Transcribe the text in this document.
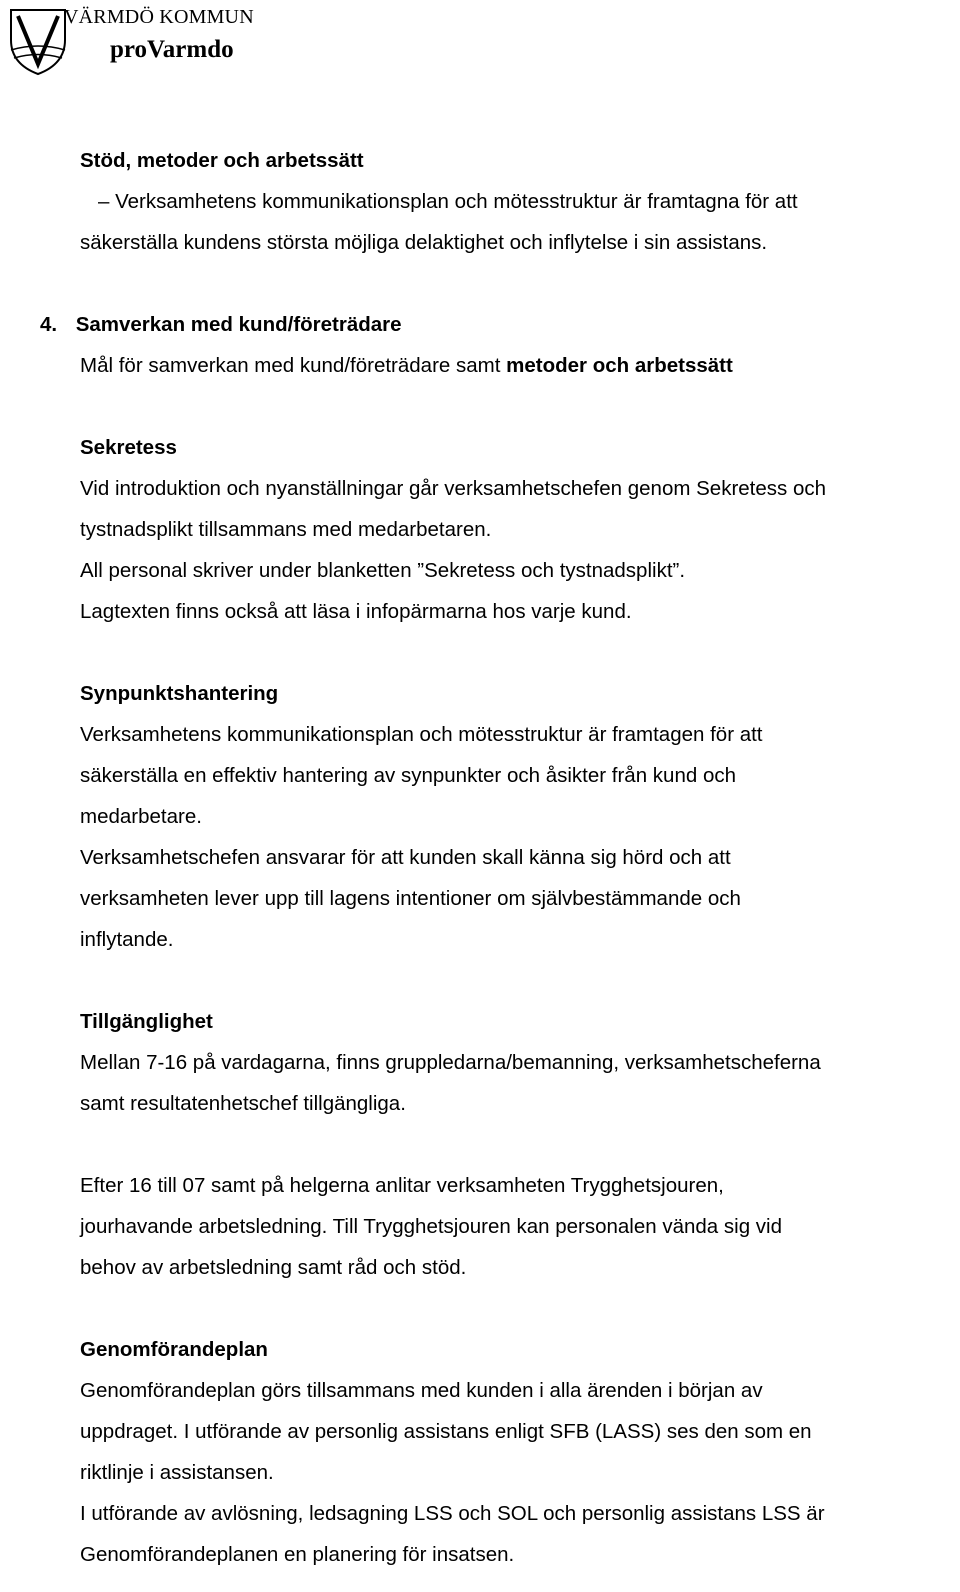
VÄRMDÖ KOMMUN
proVarmdo
Stöd, metoder och arbetssätt
– Verksamhetens kommunikationsplan och mötesstruktur är framtagna för att
säkerställa kundens största möjliga delaktighet och inflytelse i sin assistans.
4. Samverkan med kund/företrädare
Mål för samverkan med kund/företrädare samt metoder och arbetssätt
Sekretess
Vid introduktion och nyanställningar går verksamhetschefen genom Sekretess och
tystnadsplikt tillsammans med medarbetaren.
All personal skriver under blanketten ”Sekretess och tystnadsplikt”.
Lagtexten finns också att läsa i infopärmarna hos varje kund.
Synpunktshantering
Verksamhetens kommunikationsplan och mötesstruktur är framtagen för att
säkerställa en effektiv hantering av synpunkter och åsikter från kund och
medarbetare.
Verksamhetschefen ansvarar för att kunden skall känna sig hörd och att
verksamheten lever upp till lagens intentioner om självbestämmande och
inflytande.
Tillgänglighet
Mellan 7-16 på vardagarna, finns gruppledarna/bemanning, verksamhetscheferna
samt resultatenhetschef tillgängliga.
Efter 16 till 07 samt på helgerna anlitar verksamheten Trygghetsjouren,
jourhavande arbetsledning. Till Trygghetsjouren kan personalen vända sig vid
behov av arbetsledning samt råd och stöd.
Genomförandeplan
Genomförandeplan görs tillsammans med kunden i alla ärenden i början av
uppdraget. I utförande av personlig assistans enligt SFB (LASS) ses den som en
riktlinje i assistansen.
I utförande av avlösning, ledsagning LSS och SOL och personlig assistans LSS är
Genomförandeplanen en planering för insatsen.
